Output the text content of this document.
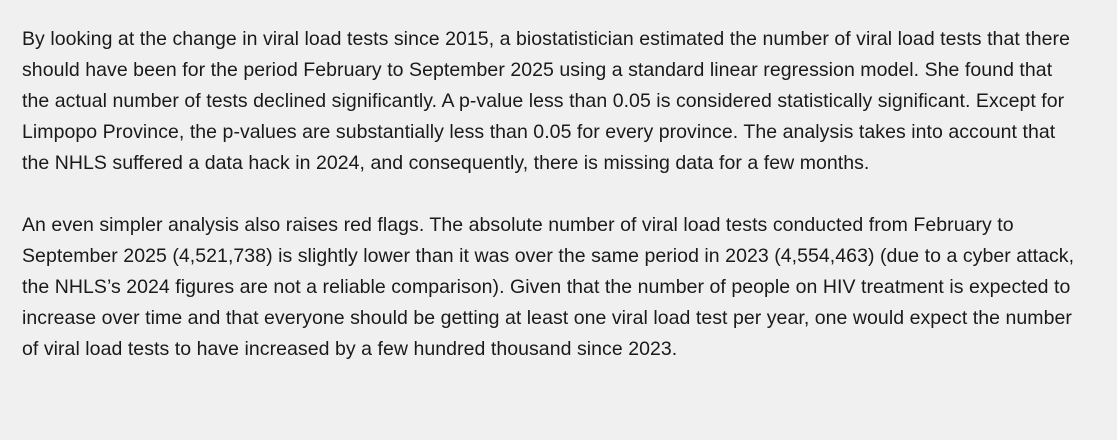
By looking at the change in viral load tests since 2015, a biostatistician estimated the number of viral load tests that there should have been for the period February to September 2025 using a standard linear regression model. She found that the actual number of tests declined significantly. A p-value less than 0.05 is considered statistically significant. Except for Limpopo Province, the p-values are substantially less than 0.05 for every province. The analysis takes into account that the NHLS suffered a data hack in 2024, and consequently, there is missing data for a few months.

An even simpler analysis also raises red flags. The absolute number of viral load tests conducted from February to September 2025 (4,521,738) is slightly lower than it was over the same period in 2023 (4,554,463) (due to a cyber attack, the NHLS’s 2024 figures are not a reliable comparison). Given that the number of people on HIV treatment is expected to increase over time and that everyone should be getting at least one viral load test per year, one would expect the number of viral load tests to have increased by a few hundred thousand since 2023.
